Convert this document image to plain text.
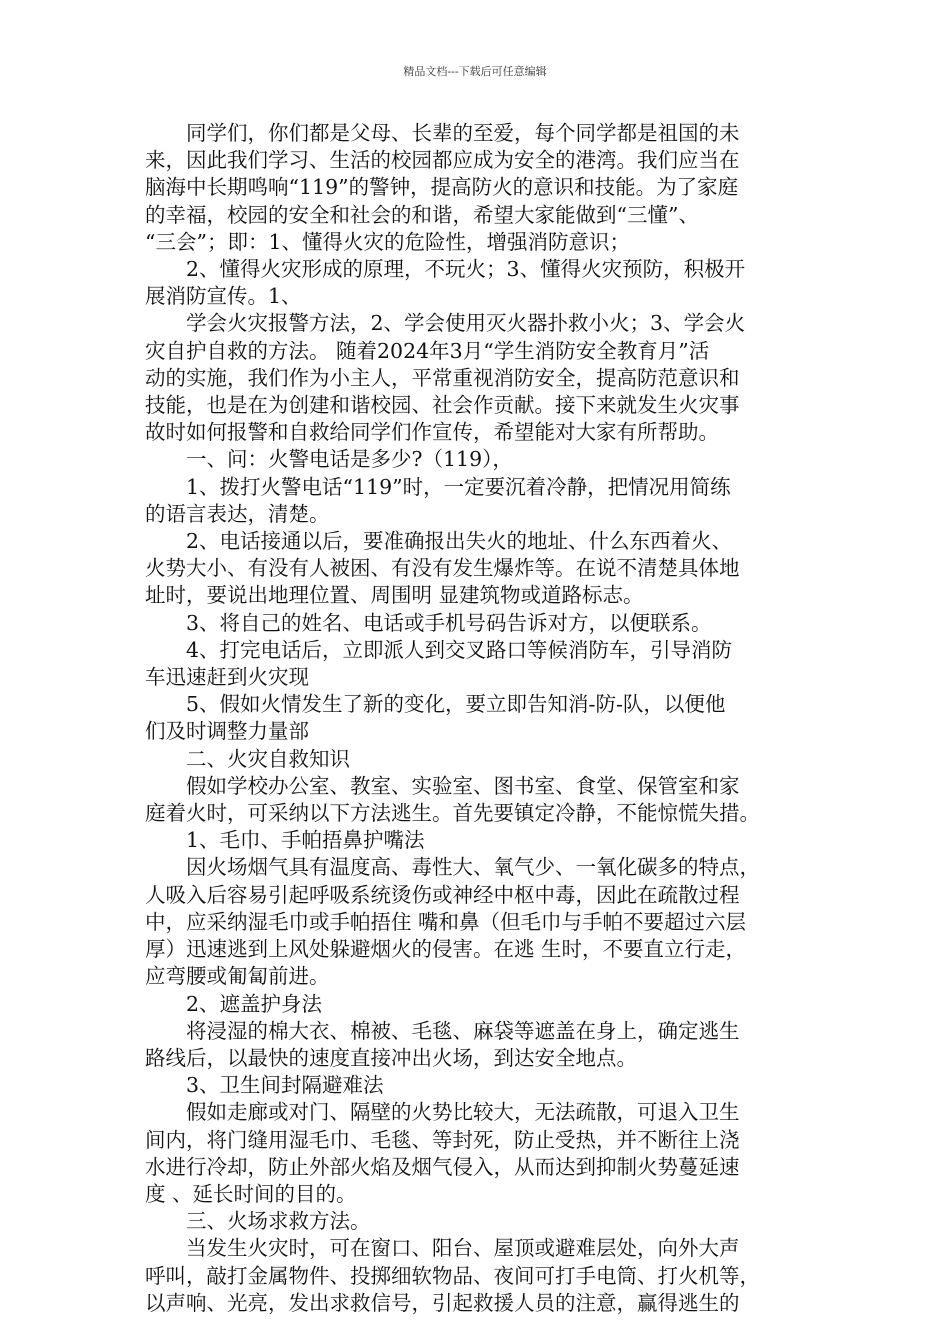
精品文档---下载后可任意编辑

　　同学们，你们都是父母、长辈的至爱，每个同学都是祖国的未

来，因此我们学习、生活的校园都应成为安全的港湾。我们应当在

脑海中长期鸣响“119”的警钟，提高防火的意识和技能。为了家庭

的幸福，校园的安全和社会的和谐，希望大家能做到“三懂”、

“三会”；即：1、懂得火灾的危险性，增强消防意识；

　　2、懂得火灾形成的原理，不玩火；3、懂得火灾预防，积极开

展消防宣传。1、

　　学会火灾报警方法，2、学会使用灭火器扑救小火；3、学会火

灾自护自救的方法。 随着2024年3月“学生消防安全教育月”活

动的实施，我们作为小主人，平常重视消防安全，提高防范意识和

技能，也是在为创建和谐校园、社会作贡献。接下来就发生火灾事

故时如何报警和自救给同学们作宣传，希望能对大家有所帮助。

　　一、问：火警电话是多少?（119），

　　1、拨打火警电话“119”时，一定要沉着冷静，把情况用简练

的语言表达，清楚。

　　2、电话接通以后，要准确报出失火的地址、什么东西着火、

火势大小、有没有人被困、有没有发生爆炸等。在说不清楚具体地

址时，要说出地理位置、周围明 显建筑物或道路标志。

　　3、将自己的姓名、电话或手机号码告诉对方，以便联系。

　　4、打完电话后，立即派人到交叉路口等候消防车，引导消防

车迅速赶到火灾现

　　5、假如火情发生了新的变化，要立即告知消-防-队，以便他

们及时调整力量部

　　二、火灾自救知识

　　假如学校办公室、教室、实验室、图书室、食堂、保管室和家

庭着火时，可采纳以下方法逃生。首先要镇定冷静，不能惊慌失措。

　　1、毛巾、手帕捂鼻护嘴法

　　因火场烟气具有温度高、毒性大、氧气少、一氧化碳多的特点，

人吸入后容易引起呼吸系统烫伤或神经中枢中毒，因此在疏散过程

中，应采纳湿毛巾或手帕捂住 嘴和鼻（但毛巾与手帕不要超过六层

厚）迅速逃到上风处躲避烟火的侵害。在逃 生时，不要直立行走，

应弯腰或匍匐前进。

　　2、遮盖护身法

　　将浸湿的棉大衣、棉被、毛毯、麻袋等遮盖在身上，确定逃生

路线后，以最快的速度直接冲出火场，到达安全地点。

　　3、卫生间封隔避难法

　　假如走廊或对门、隔壁的火势比较大，无法疏散，可退入卫生

间内，将门缝用湿毛巾、毛毯、等封死，防止受热，并不断往上浇

水进行冷却，防止外部火焰及烟气侵入，从而达到抑制火势蔓延速

度 、延长时间的目的。

　　三、火场求救方法。

　　当发生火灾时，可在窗口、阳台、屋顶或避难层处，向外大声

呼叫，敲打金属物件、投掷细软物品、夜间可打手电筒、打火机等，

以声响、光亮，发出求救信号，引起救援人员的注意，赢得逃生的
